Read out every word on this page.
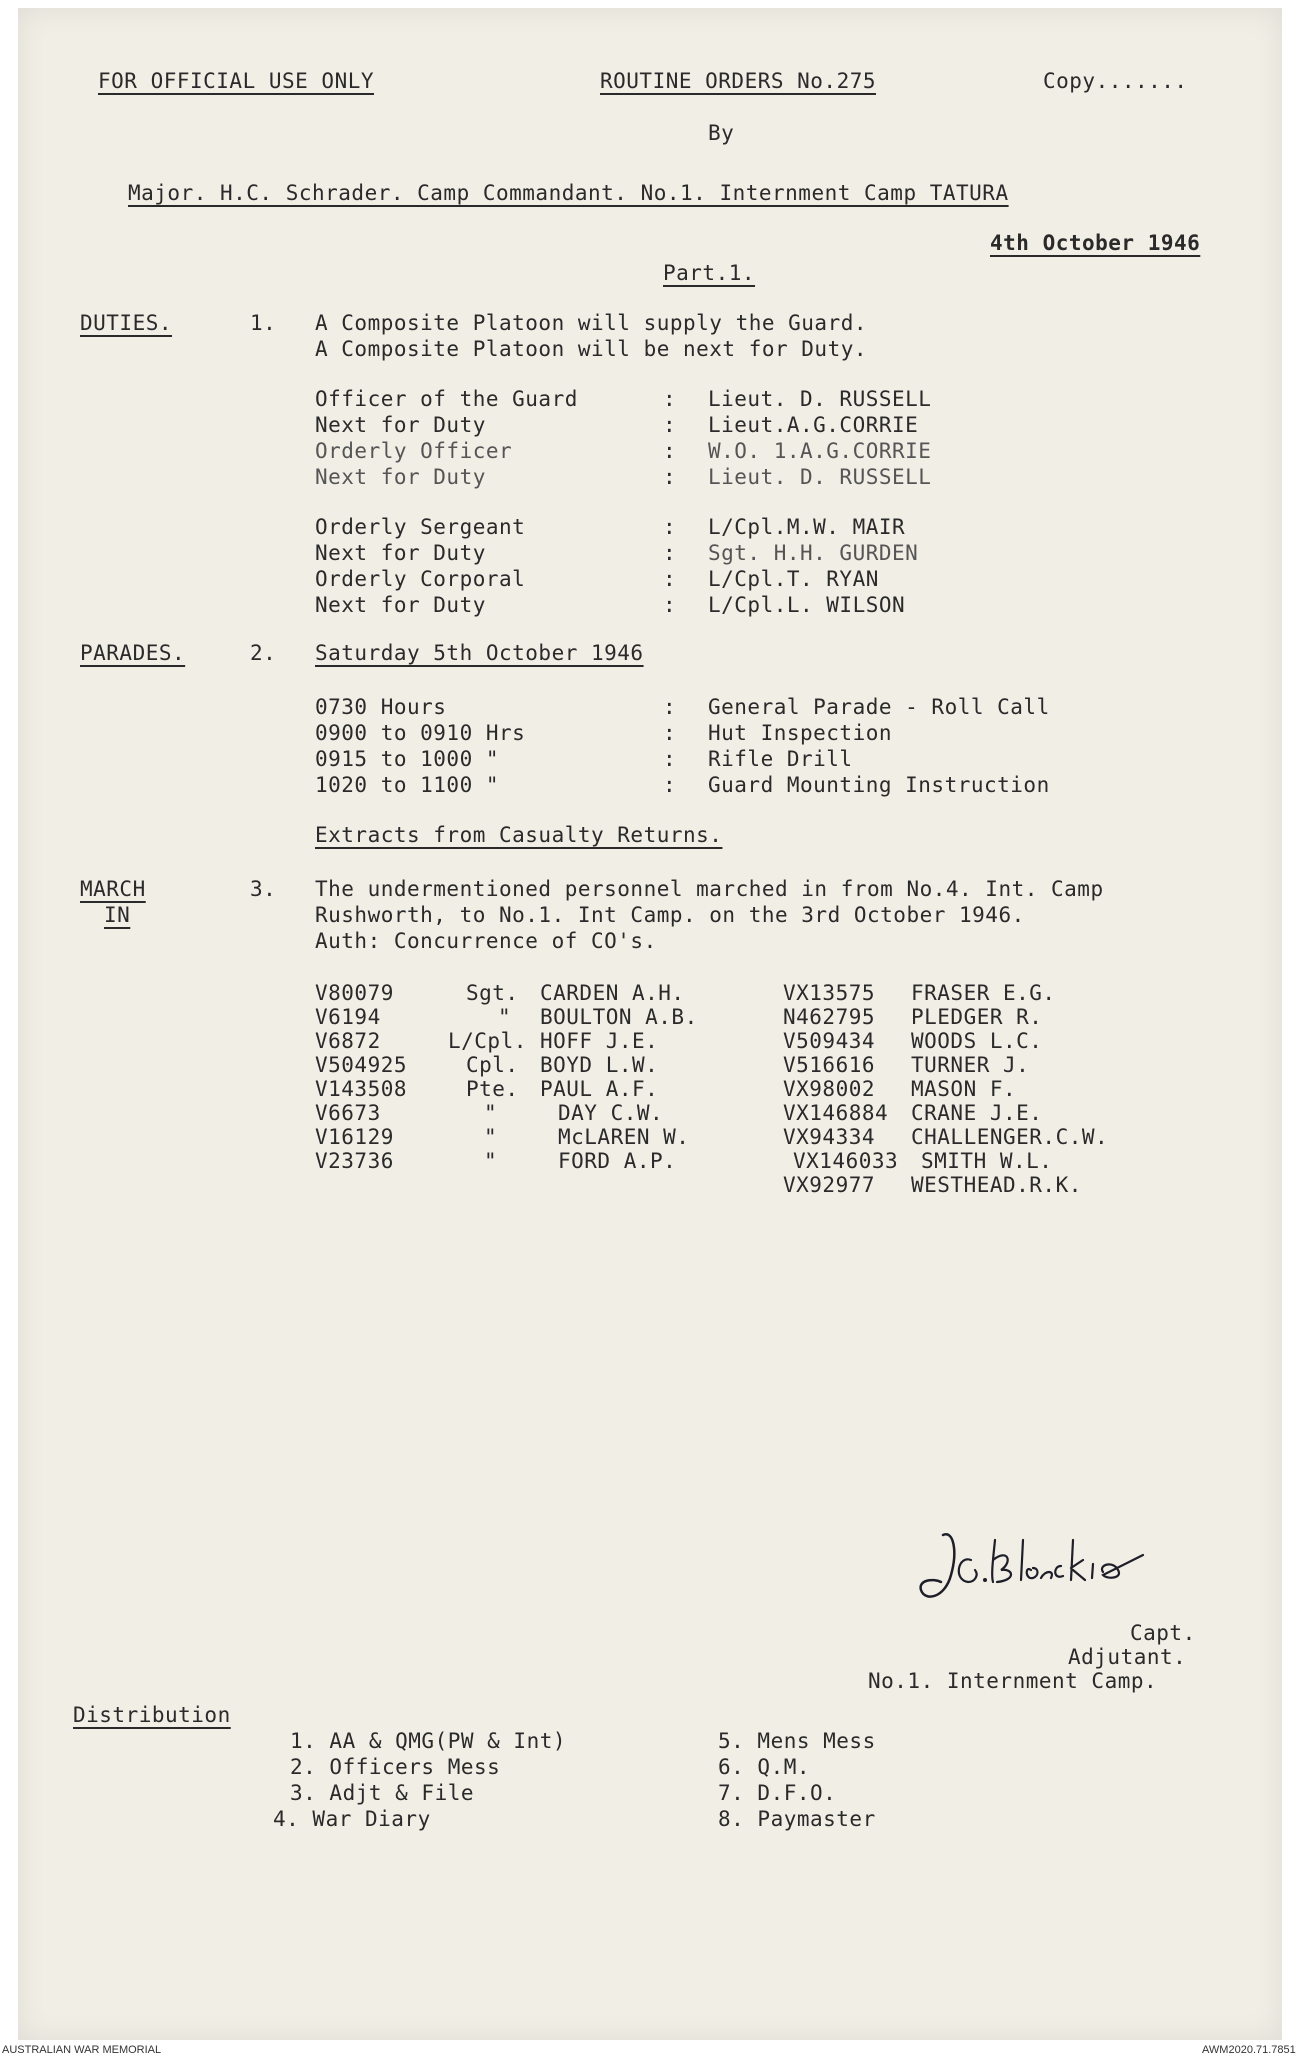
FOR OFFICIAL USE ONLY	ROUTINE ORDERS No.275	Copy.......
By
Major. H.C. Schrader. Camp Commandant. No.1. Internment Camp TATURA
4th October 1946
Part.1.
DUTIES.	1. A Composite Platoon will supply the Guard.
A Composite Platoon will be next for Duty.
Officer of the Guard	: Lieut. D. RUSSELL
Next for Duty	: Lieut.A.G.CORRIE
Orderly Officer	: W.O. 1.A.G.CORRIE
Next for Duty	: Lieut. D. RUSSELL
Orderly Sergeant	: L/Cpl.M.W. MAIR
Next for Duty	: Sgt. H.H. GURDEN
Orderly Corporal	: L/Cpl.T. RYAN
Next for Duty	: L/Cpl.L. WILSON
PARADES.	2. Saturday 5th October 1946
0730 Hours	: General Parade - Roll Call
0900 to 0910 Hrs	: Hut Inspection
0915 to 1000 "	: Rifle Drill
1020 to 1100 "	: Guard Mounting Instruction
Extracts from Casualty Returns.
MARCH
IN
3. The undermentioned personnel marched in from No.4. Int. Camp
Rushworth, to No.1. Int Camp. on the 3rd October 1946.
Auth: Concurrence of CO's.
V80079	Sgt. CARDEN A.H.
V6194	" BOULTON A.B.
V6872	L/Cpl. HOFF J.E.
V504925	Cpl. BOYD L.W.
V143508	Pte. PAUL A.F.
V6673	"	DAY C.W.
V16129	"	McLAREN W.
V23736	"	FORD A.P.
VX13575 FRASER E.G.
N462795 PLEDGER R.
V509434 WOODS L.C.
V516616 TURNER J.
VX98002 MASON F.
VX146884 CRANE J.E.
VX94334 CHALLENGER.C.W.
VX146033 SMITH W.L.
VX92977 WESTHEAD.R.K.
J.E.Blackie
Capt.
Adjutant.
No.1. Internment Camp.
Distribution
1. AA & QMG(PW & Int)
2. Officers Mess
3. Adjt & File
4. War Diary
5. Mens Mess
6. Q.M.
7. D.F.O.
8. Paymaster
AUSTRALIAN WAR MEMORIAL	AWM2020.71.7851
